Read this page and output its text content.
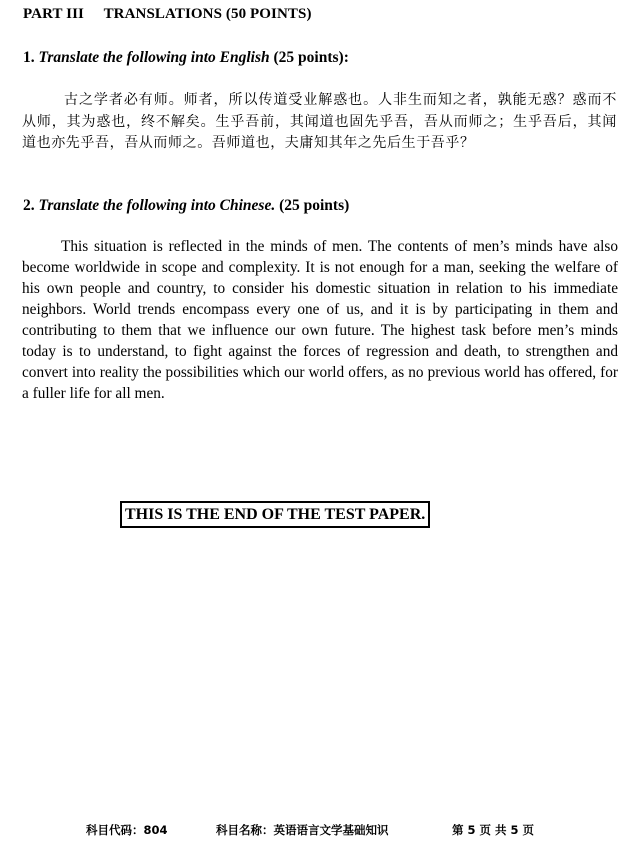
PART III TRANSLATIONS (50 POINTS)
1. Translate the following into English (25 points):
古之学者必有师。师者，所以传道受业解惑也。人非生而知之者，孰能无惑？惑而不从师，其为惑也，终不解矣。生乎吾前，其闻道也固先乎吾，吾从而师之；生乎吾后，其闻道也亦先乎吾，吾从而师之。吾师道也，夫庸知其年之先后生于吾乎？
2. Translate the following into Chinese. (25 points)
This situation is reflected in the minds of men. The contents of men’s minds have also become worldwide in scope and complexity. It is not enough for a man, seeking the welfare of his own people and country, to consider his domestic situation in relation to his immediate neighbors. World trends encompass every one of us, and it is by participating in them and contributing to them that we influence our own future. The highest task before men’s minds today is to understand, to fight against the forces of regression and death, to strengthen and convert into reality the possibilities which our world offers, as no previous world has offered, for a fuller life for all men.
THIS IS THE END OF THE TEST PAPER.
科目代码：804	科目名称：英语语言文学基础知识	第 5 页 共 5 页
